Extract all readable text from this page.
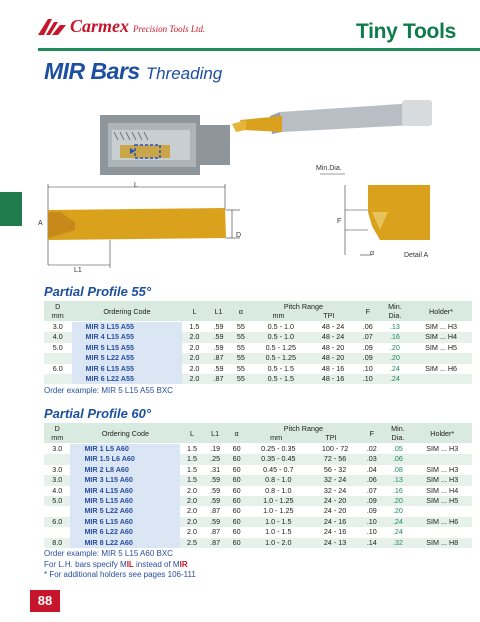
Carmex Precision Tools Ltd.	Tiny Tools
MIR Bars Threading
L
Min.Dia.
A
D
F
L1
α	Detail A
Partial Profile 55°
D
mm	Ordering Code	L	L1	α	Pitch Range
mm TPI		F	Min.
Dia.	Holder*
3.0	MIR 3 L15 A55	1.5	.59	55	0.5 - 1.0	48 - 24	.06	.13	SIM ... H3
4.0	MIR 4 L15 A55	2.0	.59	55	0.5 - 1.0	48 - 24	.07	.16	SIM ... H4
5.0	MIR 5 L15 A55	2.0	.59	55	0.5 - 1.25	48 - 20	.09	.20	SIM ... H5
	MIR 5 L22 A55	2.0	.87	55	0.5 - 1.25	48 - 20	.09	.20	
6.0	MIR 6 L15 A55	2.0	.59	55	0.5 - 1.5	48 - 16	.10	.24	SIM ... H6
	MIR 6 L22 A55	2.0	.87	55	0.5 - 1.5	48 - 16	.10	.24	
Order example: MIR 5 L15 A55 BXC
Partial Profile 60°
D
mm	Ordering Code	L	L1	α	Pitch Range
mm TPI		F	Min.
Dia.	Holder*
3.0	MIR 1 L5 A60	1.5	.19	60	0.25 - 0.35	100 - 72	.02	.05	SIM ... H3
	MIR 1.5 L6 A60	1.5	.25	60	0.35 - 0.45	72 - 56	.03	.06	
3.0	MIR 2 L8 A60	1.5	.31	60	0.45 - 0.7	56 - 32	.04	.08	SIM ... H3
3.0	MIR 3 L15 A60	1.5	.59	60	0.8 - 1.0	32 - 24	.06	.13	SIM ... H3
4.0	MIR 4 L15 A60	2.0	.59	60	0.8 - 1.0	32 - 24	.07	.16	SIM ... H4
5.0	MIR 5 L15 A60	2.0	.59	60	1.0 - 1.25	24 - 20	.09	.20	SIM ... H5
	MIR 5 L22 A60	2.0	.87	60	1.0 - 1.25	24 - 20	.09	.20	
6.0	MIR 6 L15 A60	2.0	.59	60	1.0 - 1.5	24 - 16	.10	.24	SIM ... H6
	MIR 6 L22 A60	2.0	.87	60	1.0 - 1.5	24 - 16	.10	.24	
8.0	MIR 8 L22 A60	2.5	.87	60	1.0 - 2.0	24 - 13	.14	.32	SIM ... H8
Order example: MIR 5 L15 A60 BXC
For L.H. bars specify MIL instead of MIR
* For additional holders see pages 106-111
88
